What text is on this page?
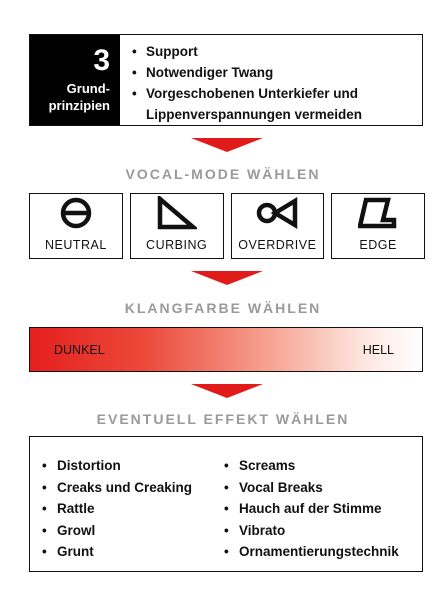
3
Grund-
prinzipien
• Support
• Notwendiger Twang
• Vorgeschobenen Unterkiefer und
Lippenverspannungen vermeiden
VOCAL-MODE WÄHLEN
NEUTRAL	CURBING OVERDRIVE	EDGE
KLANGFARBE WÄHLEN
DUNKEL	HELL
EVENTUELL EFFEKT WÄHLEN
• Distortion
• Creaks und Creaking
• Rattle
• Growl
• Grunt
• Screams
• Vocal Breaks
• Hauch auf der Stimme
• Vibrato
• Ornamentierungstechnik
